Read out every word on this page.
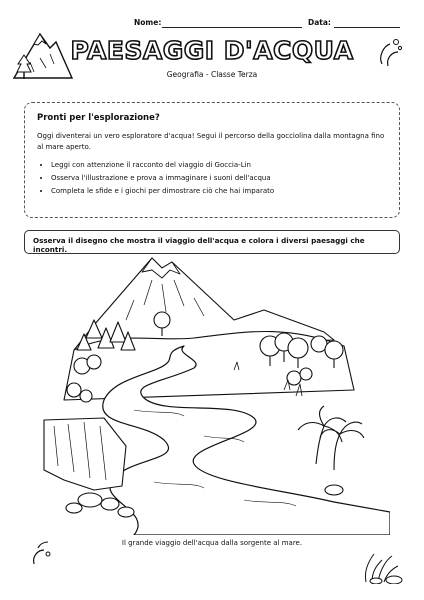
Nome:	Data:
PAESAGGI D'ACQUA
Geografia - Classe Terza
Pronti per l'esplorazione?
Oggi diventerai un vero esploratore d'acqua! Segui il percorso della gocciolina dalla montagna fino al mare aperto.
• Leggi con attenzione il racconto del viaggio di Goccia-Lin
• Osserva l'illustrazione e prova a immaginare i suoni dell'acqua
• Completa le sfide e i giochi per dimostrare ciò che hai imparato
Osserva il disegno che mostra il viaggio dell'acqua e colora i diversi paesaggi che incontri.
Il grande viaggio dell'acqua dalla sorgente al mare.
